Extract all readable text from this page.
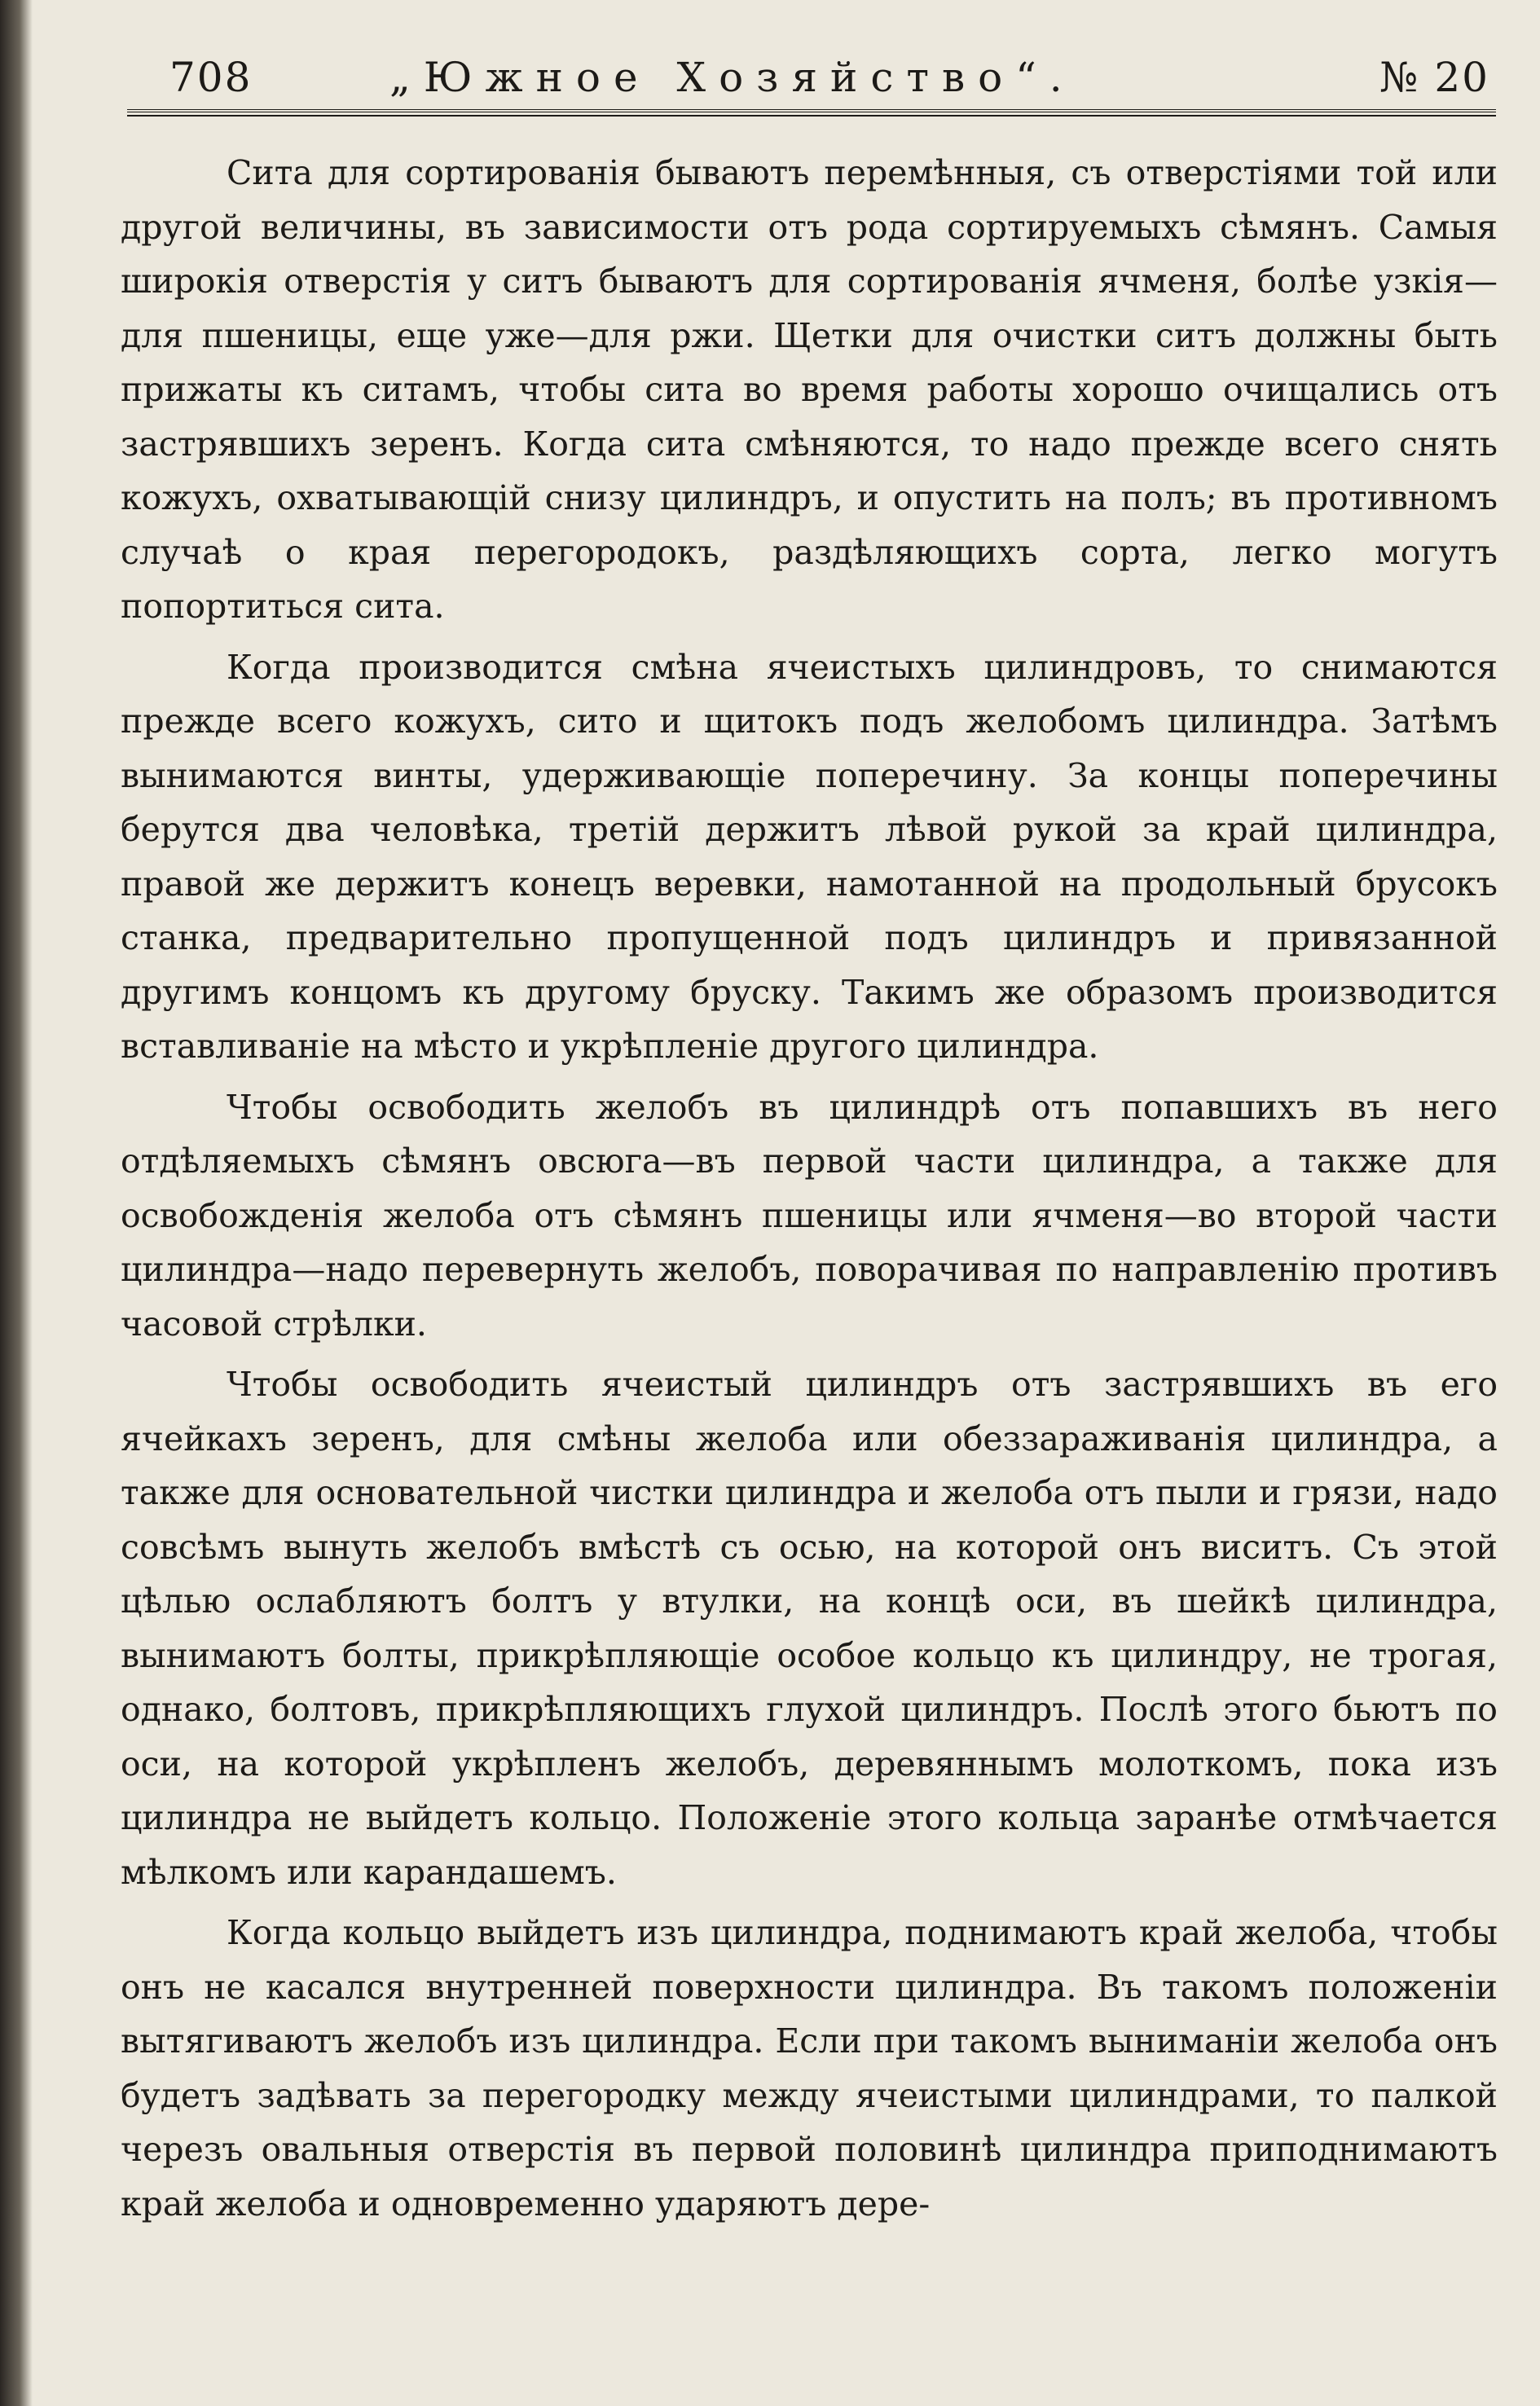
708	„Южное Хозяйство“.	№ 20

Сита для сортированія бываютъ перемѣнныя, съ отверстіями той или другой величины, въ зависимости отъ рода сортируемыхъ сѣмянъ. Самыя широкія отверстія у ситъ бываютъ для сортированія ячменя, болѣе узкія—для пшеницы, еще уже—для ржи. Щетки для очистки ситъ должны быть прижаты къ ситамъ, чтобы сита во время работы хорошо очищались отъ застрявшихъ зеренъ. Когда сита смѣняются, то надо прежде всего снять кожухъ, охватывающій снизу цилиндръ, и опустить на полъ; въ противномъ случаѣ о края перегородокъ, раздѣляющихъ сорта, легко могутъ попортиться сита.

Когда производится смѣна ячеистыхъ цилиндровъ, то снимаются прежде всего кожухъ, сито и щитокъ подъ желобомъ цилиндра. Затѣмъ вынимаются винты, удерживающіе поперечину. За концы поперечины берутся два человѣка, третій держитъ лѣвой рукой за край цилиндра, правой же держитъ конецъ веревки, намотанной на продольный брусокъ станка, предварительно пропущенной подъ цилиндръ и привязанной другимъ концомъ къ другому бруску. Такимъ же образомъ производится вставливаніе на мѣсто и укрѣпленіе другого цилиндра.

Чтобы освободить желобъ въ цилиндрѣ отъ попавшихъ въ него отдѣляемыхъ сѣмянъ овсюга—въ первой части цилиндра, а также для освобожденія желоба отъ сѣмянъ пшеницы или ячменя—во второй части цилиндра—надо перевернуть желобъ, поворачивая по направленію противъ часовой стрѣлки.

Чтобы освободить ячеистый цилиндръ отъ застрявшихъ въ его ячейкахъ зеренъ, для смѣны желоба или обеззараживанія цилиндра, а также для основательной чистки цилиндра и желоба отъ пыли и грязи, надо совсѣмъ вынуть желобъ вмѣстѣ съ осью, на которой онъ виситъ. Съ этой цѣлью ослабляютъ болтъ у втулки, на концѣ оси, въ шейкѣ цилиндра, вынимаютъ болты, прикрѣпляющіе особое кольцо къ цилиндру, не трогая, однако, болтовъ, прикрѣпляющихъ глухой цилиндръ. Послѣ этого бьютъ по оси, на которой укрѣпленъ желобъ, деревяннымъ молоткомъ, пока изъ цилиндра не выйдетъ кольцо. Положеніе этого кольца заранѣе отмѣчается мѣлкомъ или карандашемъ.

Когда кольцо выйдетъ изъ цилиндра, поднимаютъ край желоба, чтобы онъ не касался внутренней поверхности цилиндра. Въ такомъ положеніи вытягиваютъ желобъ изъ цилиндра. Если при такомъ выниманіи желоба онъ будетъ задѣвать за перегородку между ячеистыми цилиндрами, то палкой черезъ овальныя отверстія въ первой половинѣ цилиндра приподнимаютъ край желоба и одновременно ударяютъ дере-
